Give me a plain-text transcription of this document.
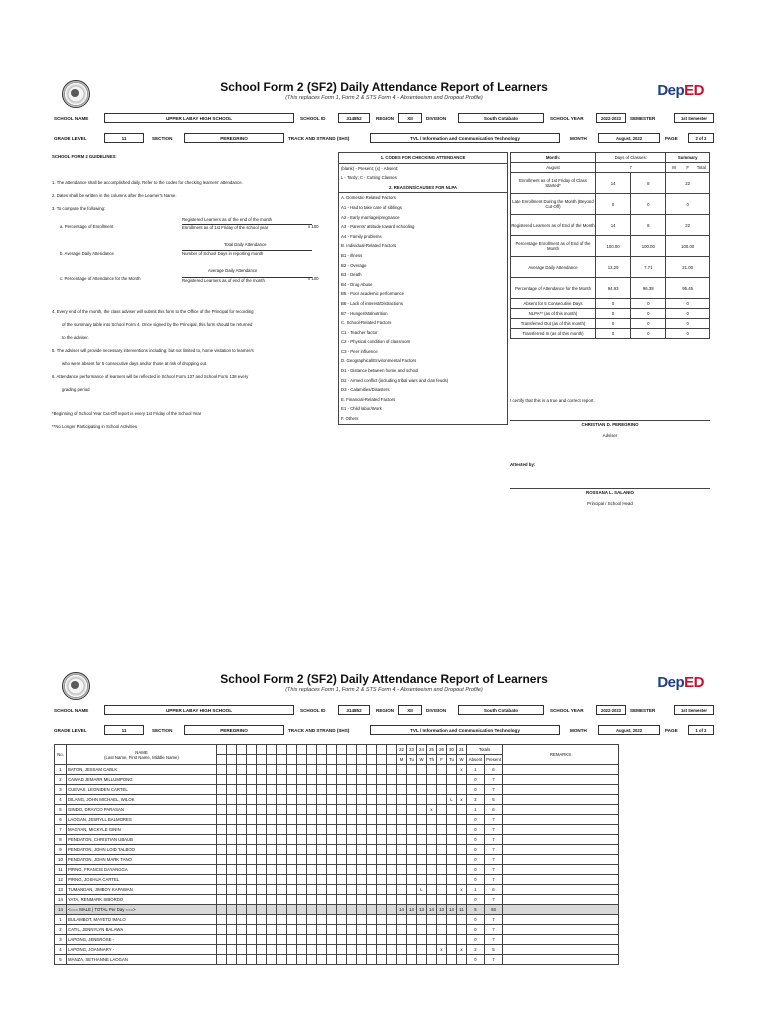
School Form 2 (SF2) Daily Attendance Report of Learners
(This replaces Form 1, Form 2 & STS Form 4 - Absenteeism and Dropout Profile)	DepED
SCHOOL NAME	UPPER LABAY HIGH SCHOOL	SCHOOL ID	314852	REGION	XII	DIVISION	South Cotabato	SCHOOL YEAR	2022-2023	SEMESTER	1st Semester
GRADE LEVEL	11	SECTION	PEREGRINO	TRACK AND STRAND (SHS)	TVL / Information and Communication Technology	MONTH	August, 2022	PAGE	2 of 2
SCHOOL FORM 2 GUIDELINES:
1. The attendance shall be accomplished daily. Refer to the codes for checking learners' attendance.
2. Dates shall be written in the columns after the Learner's Name.
3. To compute the following:
a. Percentage of Enrollment
Registered Learners as of the end of the month
Enrollment as of 1st Friday of the school year	x 100
b. Average Daily Attendance
Total Daily Attendance
Number of School Days in reporting month
c. Percentage of Attendance for the Month
Average Daily Attendance
Registered Learners as of end of the month	x 100
4. Every end of the month, the class adviser will submit this form to the Office of the Principal for recording
of the summary table into School Form 4. Once signed by the Principal, this form should be returned
to the adviser.
5. The adviser will provide necessary interventions including, but not limited to, home visitation to learner/s
who were absent for 5 consecutive days and/or those at risk of dropping out.
6. Attendance performance of learners will be reflected in School Form 137 and School Form 138 every
grading period
*Beginning of School Year Cut-Off report is every 1st Friday of the School Year
**No Longer Participating in School Activities
1. CODES FOR CHECKING ATTENDANCE
(blank) - Present; (x) - Absent;
L - Tardy; C - Cutting Classes
2. REASONS/CAUSES FOR NLPA
A. Domestic-Related Factors
A1 - Had to take care of siblings
A2 - Early marriage/pregnance
A3 - Parents' attitude toward schooling
A4 - Family problems
B. Individual-Related Factors
B1 - Illness
B2 - Overage
B3 - Death
B4 - Drug Abuse
B5 - Poor academic performance
B6 - Lack of interest/Distractions
B7 - Hunger/Malnutrition
C. School-Related Factors
C1 - Teacher factor
C2 - Physical condition of classroom
C3 - Peer influence
D. Geographical/Environmental Factors
D1 - Distance between home and school
D2 - Armed conflict (including tribal wars and clan feuds)
D3 - Calamities/Disasters
E. Financial-Related Factors
E1 - Child labor/Work
F. Others
Month:	Days of Classes:		Summary
August	7		M F Total
Enrollment as of 1st Friday of Class Started*	14	8	22
Late Enrollment During the Month (Beyond Cut-Off)	0	0	0
Registered Learners as of End of the Month	14	8	22
Percentage Enrollment as of End of the Month	100.00	100.00	100.00
Average Daily Attendance	13.29	7.71	21.00
Percentage of Attendance for the Month	94.93	96.38	95.45
Absent for 5 Consecutive Days	0	0	0
NLPA** (as of this month)	0	0	0
Transferred Out (as of this month)	0	0	0
Transferred In (as of this month)	0	0	0
I certify that this is a true and correct report.
CHRISTIAN D. PEREGRINO
Adviser
Attested by:
ROSSANA L. SALANIO
Principal / School Head
School Form 2 (SF2) Daily Attendance Report of Learners
(This replaces Form 1, Form 2 & STS Form 4 - Absenteeism and Dropout Profile)	DepED
SCHOOL NAME	UPPER LABAY HIGH SCHOOL	SCHOOL ID	314852	REGION	XII	DIVISION	South Cotabato	SCHOOL YEAR	2022-2023	SEMESTER	1st Semester
GRADE LEVEL	11	SECTION	PEREGRINO	TRACK AND STRAND (SHS)	TVL / Information and Communication Technology	MONTH	August, 2022	PAGE	1 of 2
No.	NAME
(Last Name, First Name, Middle Name)																			22	23	24	25	26	30	31	Totals		REMARKS
																				M	Tu	W	Th	F	Tu	W	Absent	Present	
1	BATON, JESSAM CABLK																									x	1	6	
2	CAWAD JEMARR MILLUMPONG																										0	7	
3	CUEVAS, LEONIDEN CARTEL																										0	7	
4	DILANG, JOHN MICHAEL, WILOK																								L	x	2	5	
5	GINDO, DRAYCO PARASAN																						x				1	6	
6	LAOGAN, JESRYLL BALMORES																										0	7	
7	MAGYAN, MICKYLE GININ																										0	7	
8	PENDATON, CHRISTIAN UBAUB																										0	7	
9	PENDATON, JOHN LOID TALBOO																										0	7	
10	PENDATON, JOHN MARK TANO																										0	7	
11	PIRNG, FRANCIS DAYANGGA																										0	7	
12	PIRNG, JOSHUA CARTEL																										0	7	
13	TUMANDAN, JIMBOY KAPAWAN																					L				x	1	6	
14	YATA, RENMARK SIBORDO																										0	7	
14	<=== MALE | TOTAL Per Day ===>																			14	14	13	14	13	14	11	5	93	
1	BULAMBOT, MAYETD IMALO																										0	7	
2	CATIL, JENNYLYN BALAWA																										0	7	
3	LAPONG, JENEROSE -																										0	7	
4	LAPONG, JOANNARY -																							x		x	2	5	
5	MANZA, SETHANNE LAOGAN																										0	7	
